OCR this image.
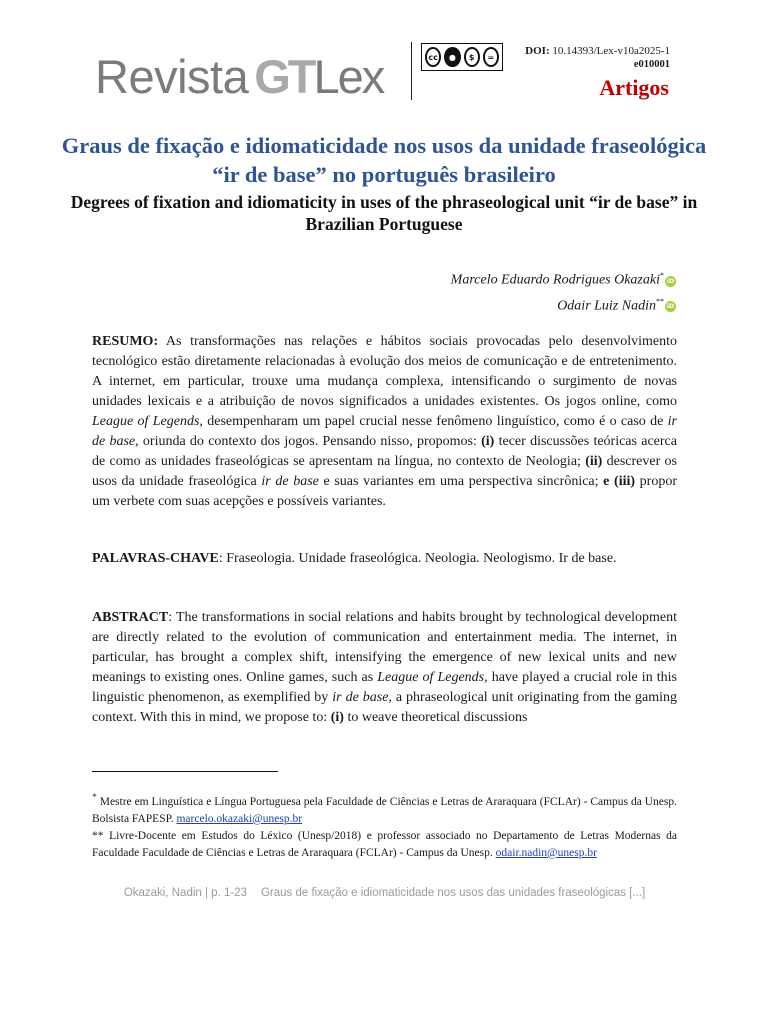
Revista GT Lex	cc	●	$	=	DOI: 10.14393/Lex-v10a2025-1
e010001
Artigos
Graus de fixação e idiomaticidade nos usos da unidade fraseológica “ir de base” no português brasileiro
Degrees of fixation and idiomaticity in uses of the phraseological unit “ir de base” in Brazilian Portuguese
Marcelo Eduardo Rodrigues Okazaki*iD
Odair Luiz Nadin**iD
RESUMO: As transformações nas relações e hábitos sociais provocadas pelo desenvolvimento tecnológico estão diretamente relacionadas à evolução dos meios de comunicação e de entretenimento. A internet, em particular, trouxe uma mudança complexa, intensificando o surgimento de novas unidades lexicais e a atribuição de novos significados a unidades existentes. Os jogos online, como League of Legends, desempenharam um papel crucial nesse fenômeno linguístico, como é o caso de ir de base, oriunda do contexto dos jogos. Pensando nisso, propomos: (i) tecer discussões teóricas acerca de como as unidades fraseológicas se apresentam na língua, no contexto de Neologia; (ii) descrever os usos da unidade fraseológica ir de base e suas variantes em uma perspectiva sincrônica; e (iii) propor um verbete com suas acepções e possíveis variantes.
PALAVRAS-CHAVE: Fraseologia. Unidade fraseológica. Neologia. Neologismo. Ir de base.
ABSTRACT: The transformations in social relations and habits brought by technological development are directly related to the evolution of communication and entertainment media. The internet, in particular, has brought a complex shift, intensifying the emergence of new lexical units and new meanings to existing ones. Online games, such as League of Legends, have played a crucial role in this linguistic phenomenon, as exemplified by ir de base, a phraseological unit originating from the gaming context. With this in mind, we propose to: (i) to weave theoretical discussions

* Mestre em Linguística e Língua Portuguesa pela Faculdade de Ciências e Letras de Araraquara (FCLAr) - Campus da Unesp. Bolsista FAPESP. marcelo.okazaki@unesp.br

** Livre-Docente em Estudos do Léxico (Unesp/2018) e professor associado no Departamento de Letras Modernas da Faculdade Faculdade de Ciências e Letras de Araraquara (FCLAr) - Campus da Unesp. odair.nadin@unesp.br

Okazaki, Nadin | p. 1-23 Graus de fixação e idiomaticidade nos usos das unidades fraseológicas [...]
